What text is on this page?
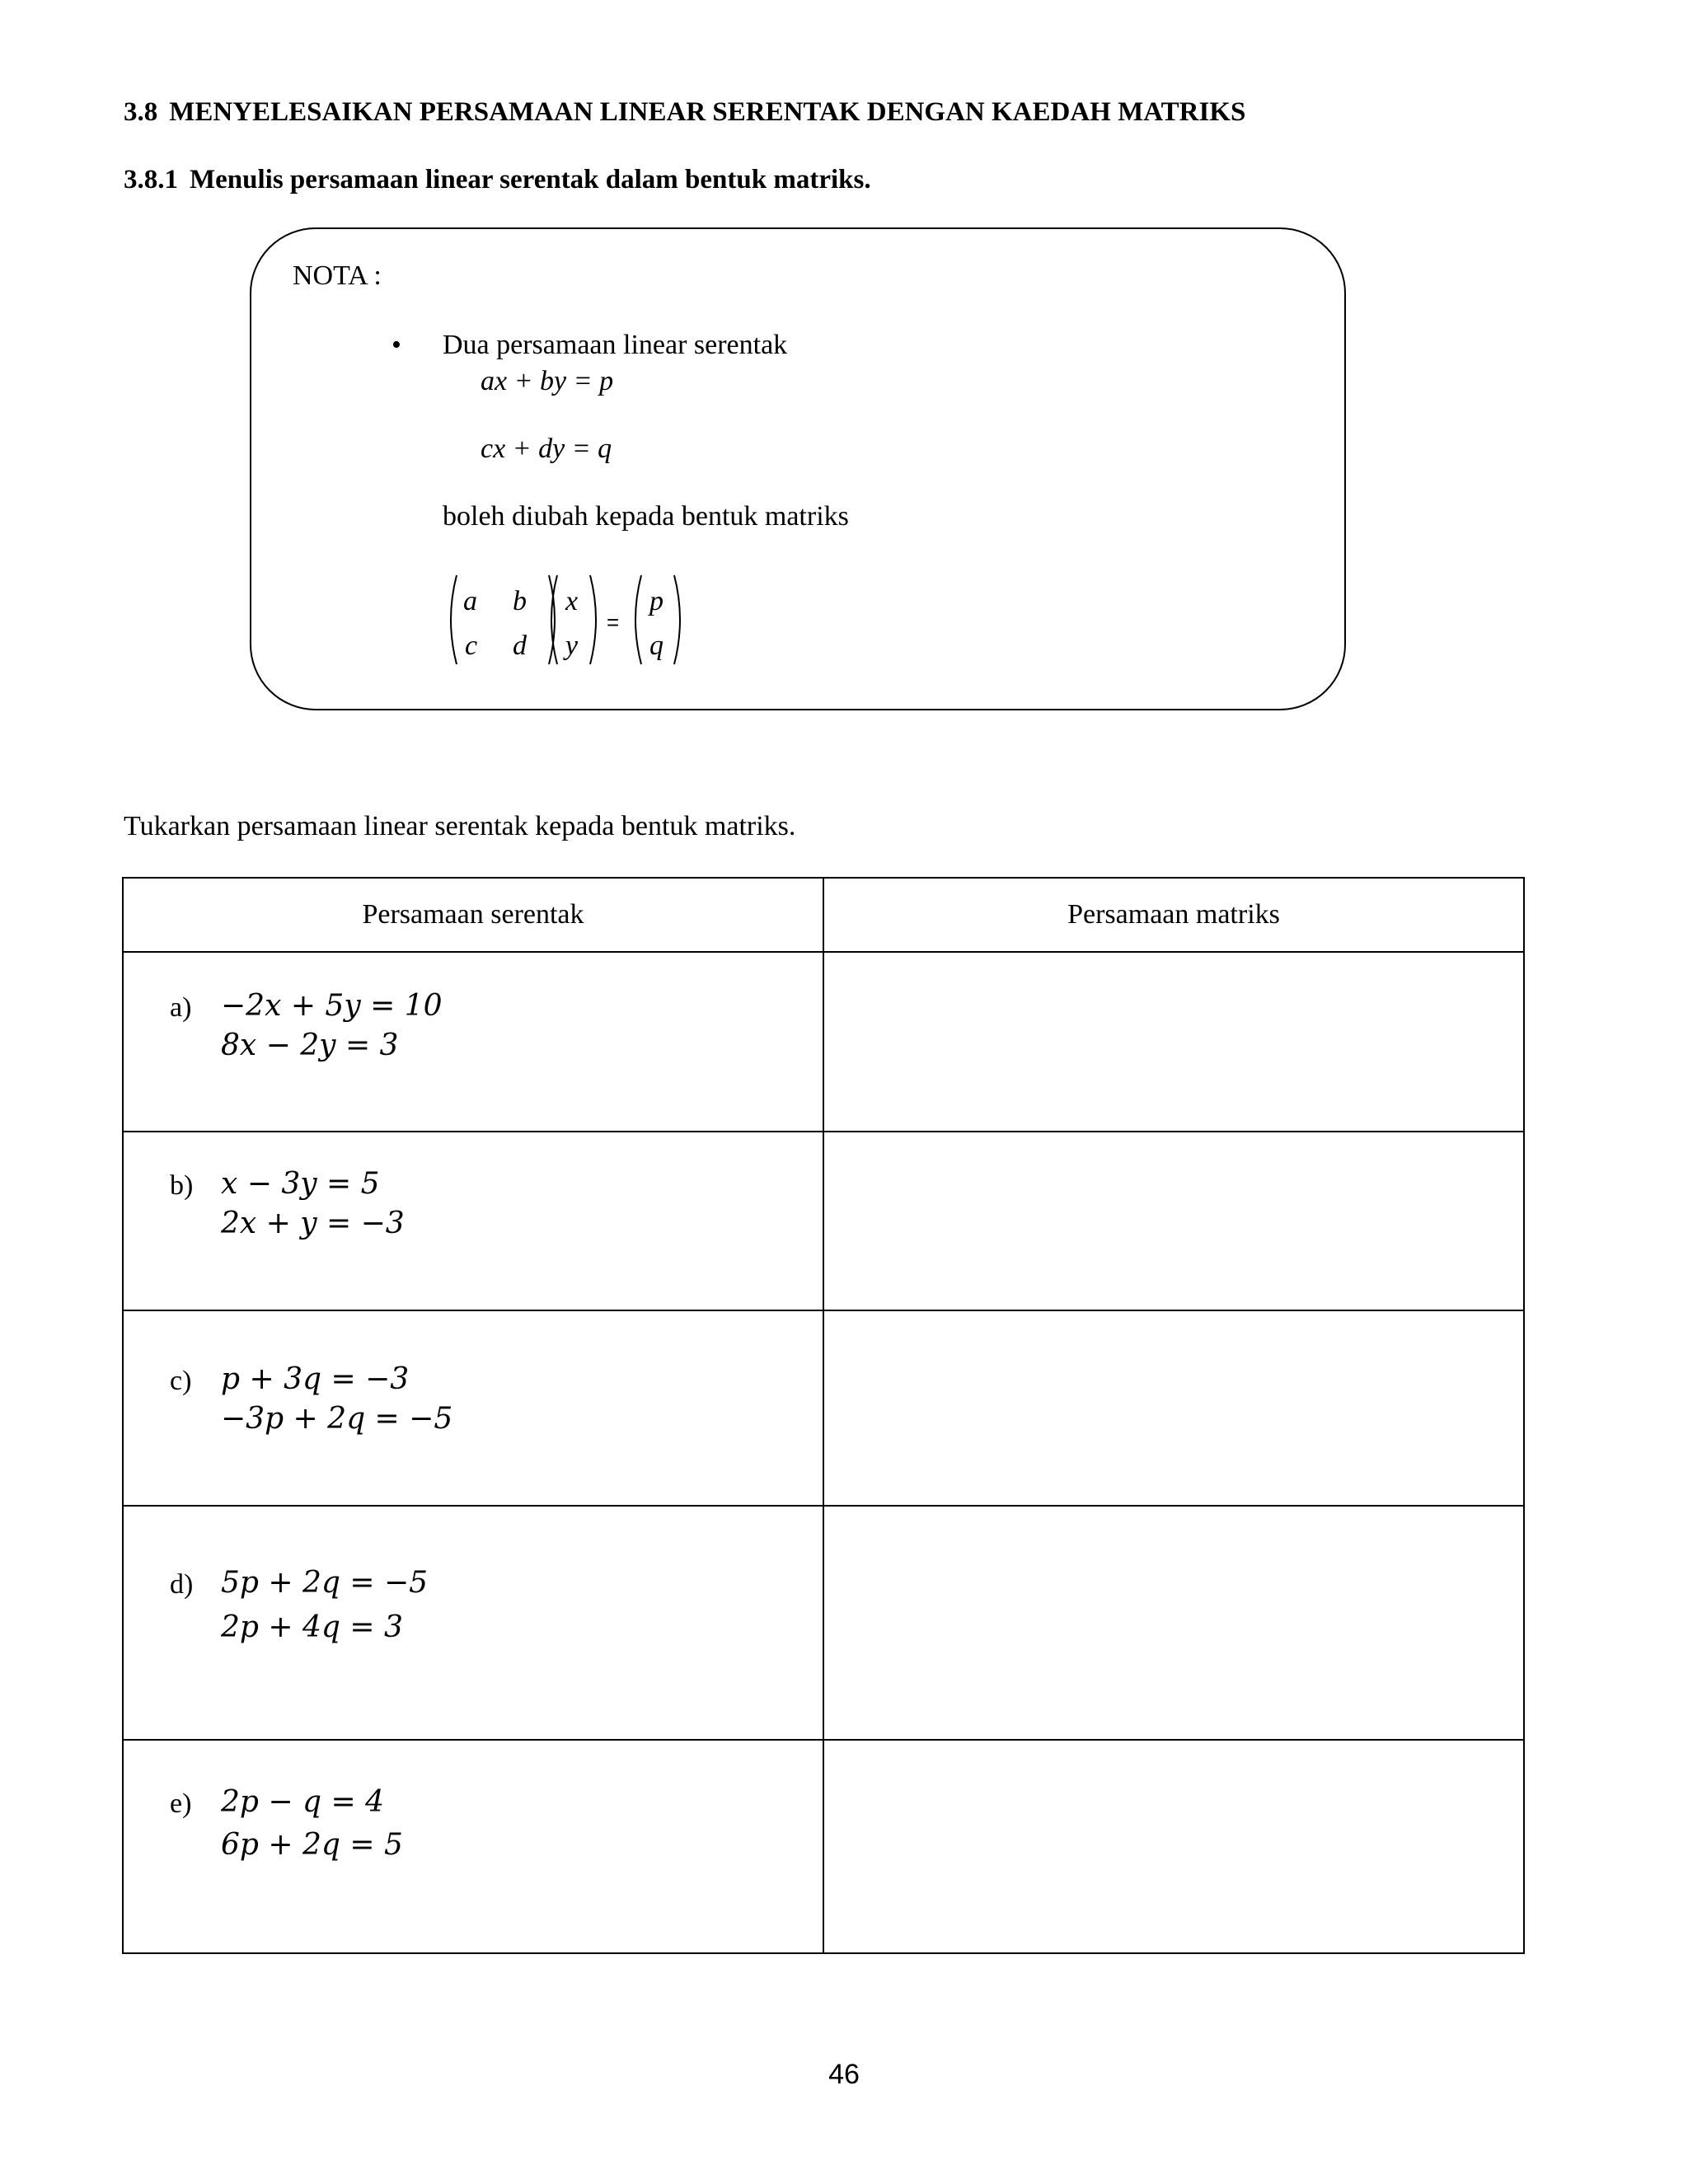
3.8 MENYELESAIKAN PERSAMAAN LINEAR SERENTAK DENGAN KAEDAH MATRIKS
3.8.1 Menulis persamaan linear serentak dalam bentuk matriks.
NOTA :
• Dua persamaan linear serentak
ax + by = p
cx + dy = q
boleh diubah kepada bentuk matriks
a b
c d
x
y
p
q
=
Tukarkan persamaan linear serentak kepada bentuk matriks.
Persamaan serentak	Persamaan matriks

a) −2x + 5y = 10
8x − 2y = 3	

b) x − 3y = 5
2x + y = −3	

c) p + 3q = −3
−3p + 2q = −5	

d) 5p + 2q = −5
2p + 4q = 3	

e) 2p − q = 4
6p + 2q = 5	

46
